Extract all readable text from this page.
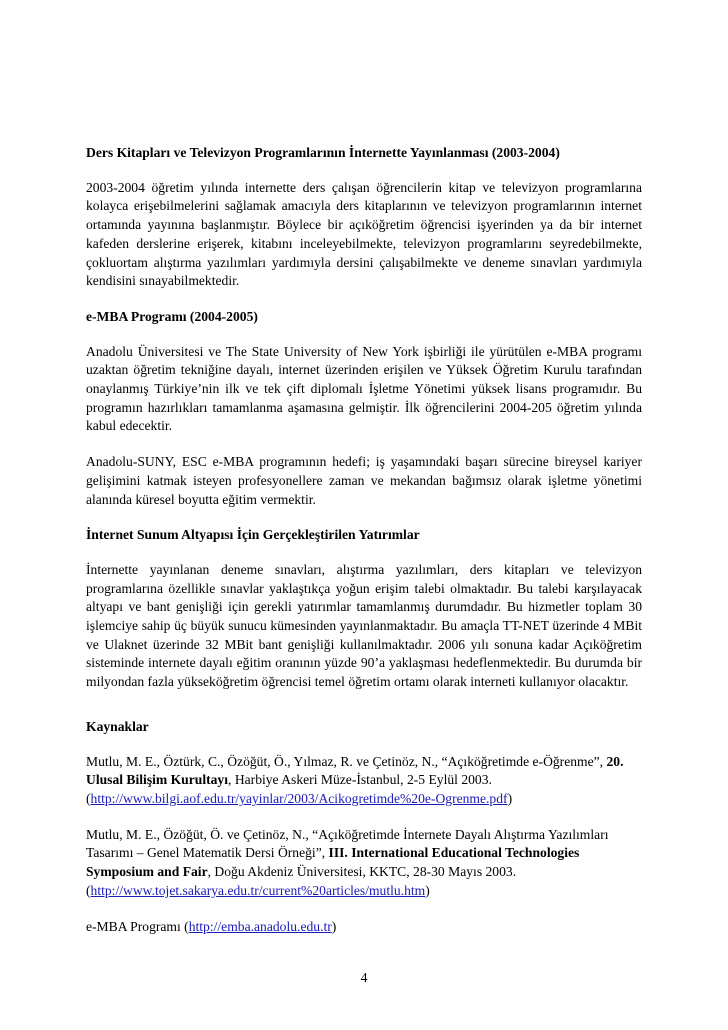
Ders Kitapları ve Televizyon Programlarının İnternette Yayınlanması (2003-2004)
2003-2004 öğretim yılında internette ders çalışan öğrencilerin kitap ve televizyon programlarına kolayca erişebilmelerini sağlamak amacıyla ders kitaplarının ve televizyon programlarının internet ortamında yayınına başlanmıştır. Böylece bir açıköğretim öğrencisi işyerinden ya da bir internet kafeden derslerine erişerek, kitabını inceleyebilmekte, televizyon programlarını seyredebilmekte, çokluortam alıştırma yazılımları yardımıyla dersini çalışabilmekte ve deneme sınavları yardımıyla kendisini sınayabilmektedir.
e-MBA Programı (2004-2005)
Anadolu Üniversitesi ve The State University of New York işbirliği ile yürütülen e-MBA programı uzaktan öğretim tekniğine dayalı, internet üzerinden erişilen ve Yüksek Öğretim Kurulu tarafından onaylanmış Türkiye’nin ilk ve tek çift diplomalı İşletme Yönetimi yüksek lisans programıdır. Bu programın hazırlıkları tamamlanma aşamasına gelmiştir. İlk öğrencilerini 2004-205 öğretim yılında kabul edecektir.
Anadolu-SUNY, ESC e-MBA programının hedefi; iş yaşamındaki başarı sürecine bireysel kariyer gelişimini katmak isteyen profesyonellere zaman ve mekandan bağımsız olarak işletme yönetimi alanında küresel boyutta eğitim vermektir.
İnternet Sunum Altyapısı İçin Gerçekleştirilen Yatırımlar
İnternette yayınlanan deneme sınavları, alıştırma yazılımları, ders kitapları ve televizyon programlarına özellikle sınavlar yaklaştıkça yoğun erişim talebi olmaktadır. Bu talebi karşılayacak altyapı ve bant genişliği için gerekli yatırımlar tamamlanmış durumdadır. Bu hizmetler toplam 30 işlemciye sahip üç büyük sunucu kümesinden yayınlanmaktadır. Bu amaçla TT-NET üzerinde 4 MBit ve Ulaknet üzerinde 32 MBit bant genişliği kullanılmaktadır. 2006 yılı sonuna kadar Açıköğretim sisteminde internete dayalı eğitim oranının yüzde 90’a yaklaşması hedeflenmektedir. Bu durumda bir milyondan fazla yükseköğretim öğrencisi temel öğretim ortamı olarak interneti kullanıyor olacaktır.
Kaynaklar
Mutlu, M. E., Öztürk, C., Özöğüt, Ö., Yılmaz, R. ve Çetinöz, N., “Açıköğretimde e-Öğrenme”, 20. Ulusal Bilişim Kurultayı, Harbiye Askeri Müze-İstanbul, 2-5 Eylül 2003.
(http://www.bilgi.aof.edu.tr/yayinlar/2003/Acikogretimde%20e-Ogrenme.pdf)
Mutlu, M. E., Özöğüt, Ö. ve Çetinöz, N., “Açıköğretimde İnternete Dayalı Alıştırma Yazılımları Tasarımı – Genel Matematik Dersi Örneği”, III. International Educational Technologies Symposium and Fair, Doğu Akdeniz Üniversitesi, KKTC, 28-30 Mayıs 2003.
(http://www.tojet.sakarya.edu.tr/current%20articles/mutlu.htm)
e-MBA Programı (http://emba.anadolu.edu.tr)
4
